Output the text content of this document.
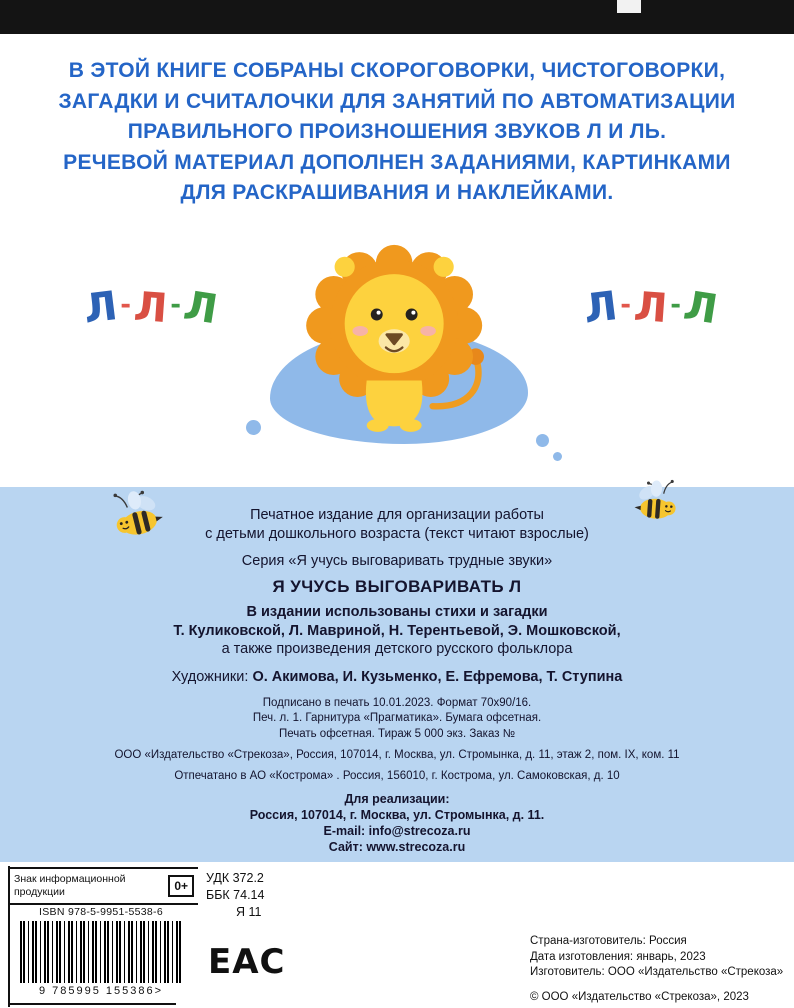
В ЭТОЙ КНИГЕ СОБРАНЫ СКОРОГОВОРКИ, ЧИСТОГОВОРКИ,
ЗАГАДКИ И СЧИТАЛОЧКИ ДЛЯ ЗАНЯТИЙ ПО АВТОМАТИЗАЦИИ
ПРАВИЛЬНОГО ПРОИЗНОШЕНИЯ ЗВУКОВ Л И ЛЬ.
РЕЧЕВОЙ МАТЕРИАЛ ДОПОЛНЕН ЗАДАНИЯМИ, КАРТИНКАМИ
ДЛЯ РАСКРАШИВАНИЯ И НАКЛЕЙКАМИ.
Л - Л - Л	Л - Л - Л
Печатное издание для организации работы
с детьми дошкольного возраста (текст читают взрослые)
Серия «Я учусь выговаривать трудные звуки»
Я УЧУСЬ ВЫГОВАРИВАТЬ Л
В издании использованы стихи и загадки
Т. Куликовской, Л. Мавриной, Н. Терентьевой, Э. Мошковской,
а также произведения детского русского фольклора
Художники: О. Акимова, И. Кузьменко, Е. Ефремова, Т. Ступина
Подписано в печать 10.01.2023. Формат 70х90/16.
Печ. л. 1. Гарнитура «Прагматика». Бумага офсетная.
Печать офсетная. Тираж 5 000 экз. Заказ №
ООО «Издательство «Стрекоза», Россия, 107014, г. Москва, ул. Стромынка, д. 11, этаж 2, пом. IX, ком. 11
Отпечатано в АО «Кострома» . Россия, 156010, г. Кострома, ул. Самоковская, д. 10
Для реализации:
Россия, 107014, г. Москва, ул. Стромынка, д. 11.
E-mail: info@strecoza.ru
Сайт: www.strecoza.ru
Знак информационной
продукции	0+
ISBN 978-5-9951-5538-6
9 785995 155386>
УДК 372.2
ББК 74.14
Я 11
ЕАС
Страна-изготовитель: Россия
Дата изготовления: январь, 2023
Изготовитель: ООО «Издательство «Стрекоза»
© ООО «Издательство «Стрекоза», 2023
